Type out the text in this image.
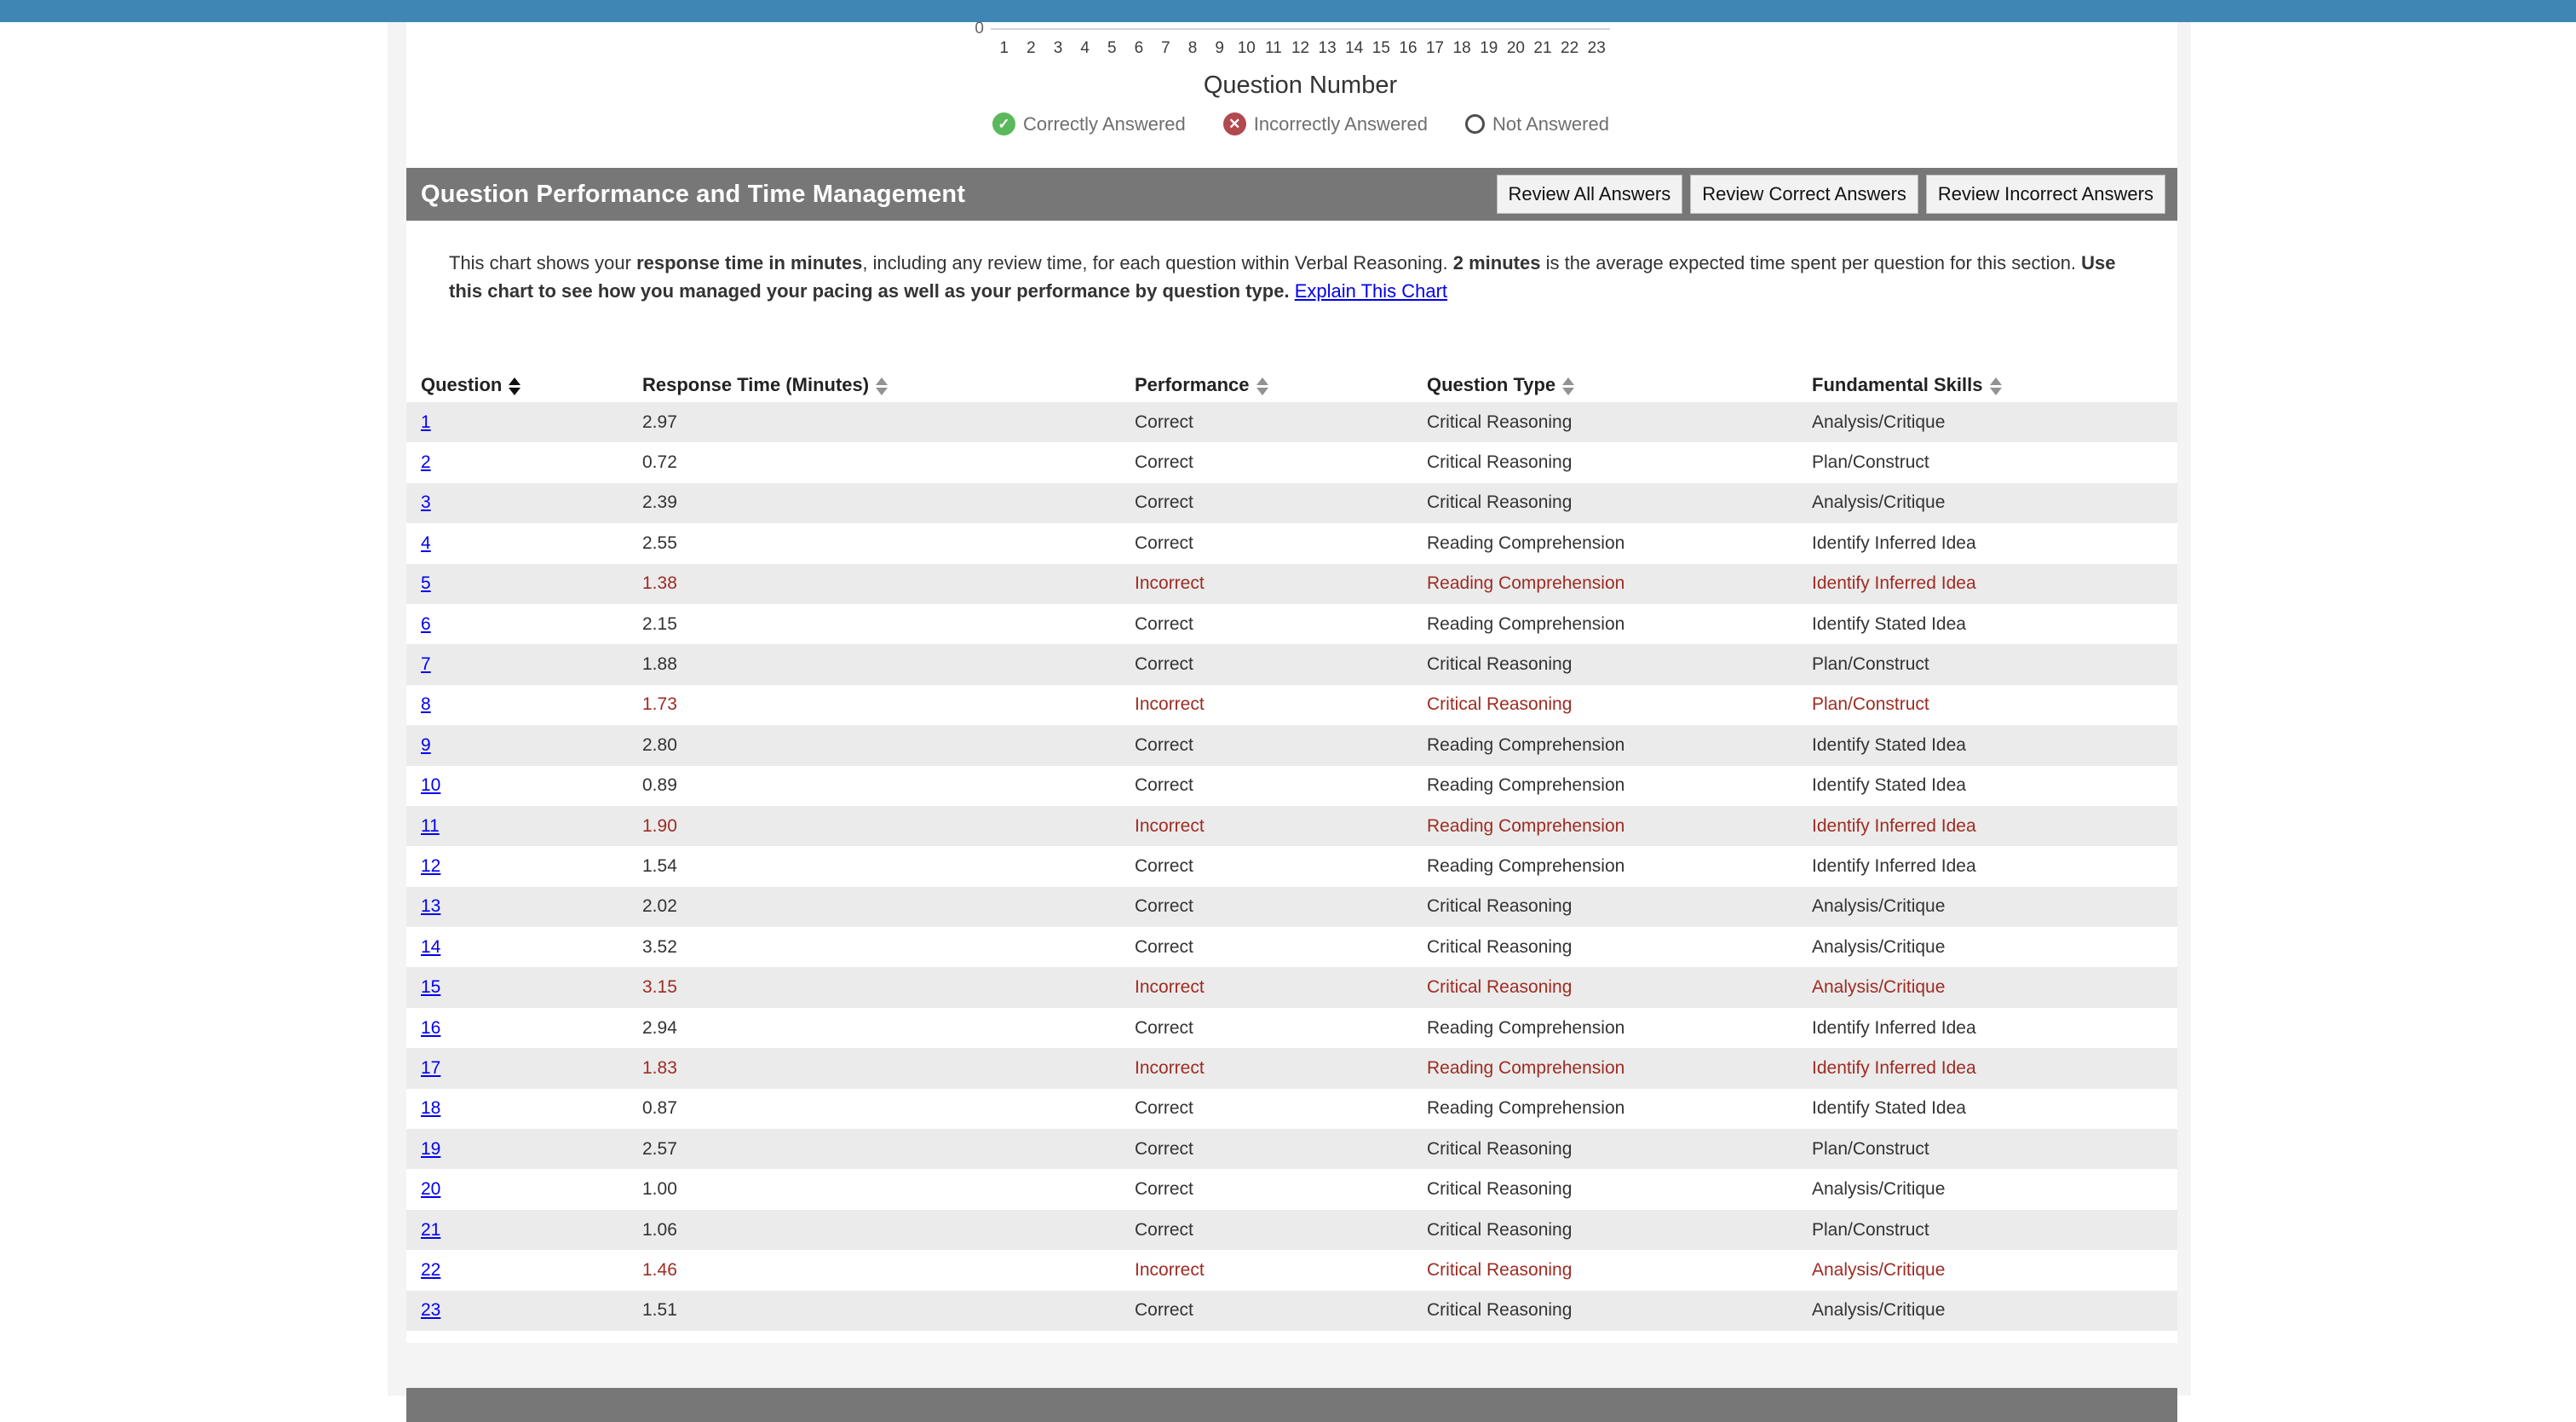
0
1	2	3	4	5	6	7	8	9 10 11 12 13 14 15 16 17 18 19 20 21 22 23
Question Number
✓ Correctly Answered	✕ Incorrectly Answered	Not Answered
Question Performance and Time Management	Review All Answers	Review Correct Answers	Review Incorrect Answers

This chart shows your response time in minutes, including any review time, for each question within Verbal Reasoning. 2 minutes is the average expected time spent per question for this section. Use this chart to see how you managed your pacing as well as your performance by question type. Explain This Chart

Question	Response Time (Minutes)	Performance	Question Type	Fundamental Skills

1	2.97	Correct	Critical Reasoning	Analysis/Critique
2	0.72	Correct	Critical Reasoning	Plan/Construct
3	2.39	Correct	Critical Reasoning	Analysis/Critique
4	2.55	Correct	Reading Comprehension	Identify Inferred Idea
5	1.38	Incorrect	Reading Comprehension	Identify Inferred Idea
6	2.15	Correct	Reading Comprehension	Identify Stated Idea
7	1.88	Correct	Critical Reasoning	Plan/Construct
8	1.73	Incorrect	Critical Reasoning	Plan/Construct
9	2.80	Correct	Reading Comprehension	Identify Stated Idea
10	0.89	Correct	Reading Comprehension	Identify Stated Idea
11	1.90	Incorrect	Reading Comprehension	Identify Inferred Idea
12	1.54	Correct	Reading Comprehension	Identify Inferred Idea
13	2.02	Correct	Critical Reasoning	Analysis/Critique
14	3.52	Correct	Critical Reasoning	Analysis/Critique
15	3.15	Incorrect	Critical Reasoning	Analysis/Critique
16	2.94	Correct	Reading Comprehension	Identify Inferred Idea
17	1.83	Incorrect	Reading Comprehension	Identify Inferred Idea
18	0.87	Correct	Reading Comprehension	Identify Stated Idea
19	2.57	Correct	Critical Reasoning	Plan/Construct
20	1.00	Correct	Critical Reasoning	Analysis/Critique
21	1.06	Correct	Critical Reasoning	Plan/Construct
22	1.46	Incorrect	Critical Reasoning	Analysis/Critique
23	1.51	Correct	Critical Reasoning	Analysis/Critique
